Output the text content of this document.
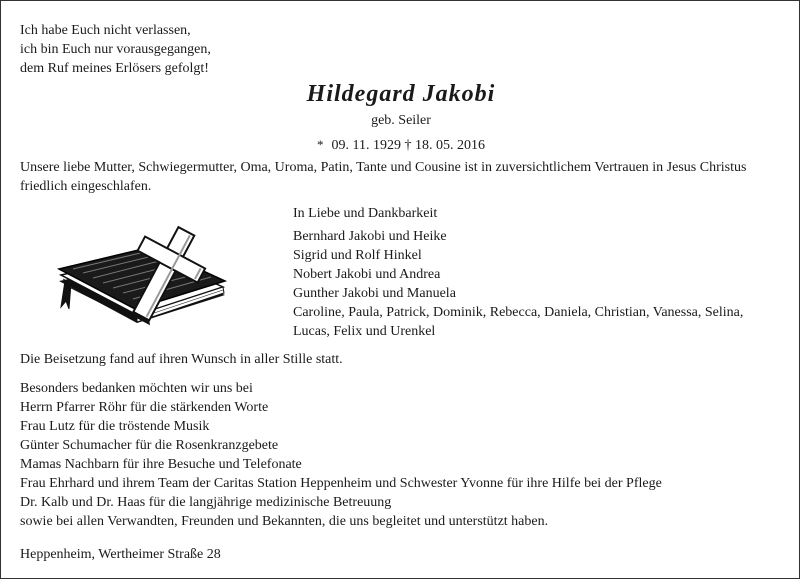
Ich habe Euch nicht verlassen,
ich bin Euch nur vorausgegangen,
dem Ruf meines Erlösers gefolgt!
Hildegard Jakobi
geb. Seiler
* 09. 11. 1929 † 18. 05. 2016
Unsere liebe Mutter, Schwiegermutter, Oma, Uroma, Patin, Tante und Cousine ist in zuversichtlichem Vertrauen in Jesus Christus
friedlich eingeschlafen.
In Liebe und Dankbarkeit
Bernhard Jakobi und Heike
Sigrid und Rolf Hinkel
Nobert Jakobi und Andrea
Gunther Jakobi und Manuela
Caroline, Paula, Patrick, Dominik, Rebecca, Daniela, Christian, Vanessa, Selina,
Lucas, Felix und Urenkel
Die Beisetzung fand auf ihren Wunsch in aller Stille statt.
Besonders bedanken möchten wir uns bei
Herrn Pfarrer Röhr für die stärkenden Worte
Frau Lutz für die tröstende Musik
Günter Schumacher für die Rosenkranzgebete
Mamas Nachbarn für ihre Besuche und Telefonate
Frau Ehrhard und ihrem Team der Caritas Station Heppenheim und Schwester Yvonne für ihre Hilfe bei der Pflege
Dr. Kalb und Dr. Haas für die langjährige medizinische Betreuung
sowie bei allen Verwandten, Freunden und Bekannten, die uns begleitet und unterstützt haben.
Heppenheim, Wertheimer Straße 28
